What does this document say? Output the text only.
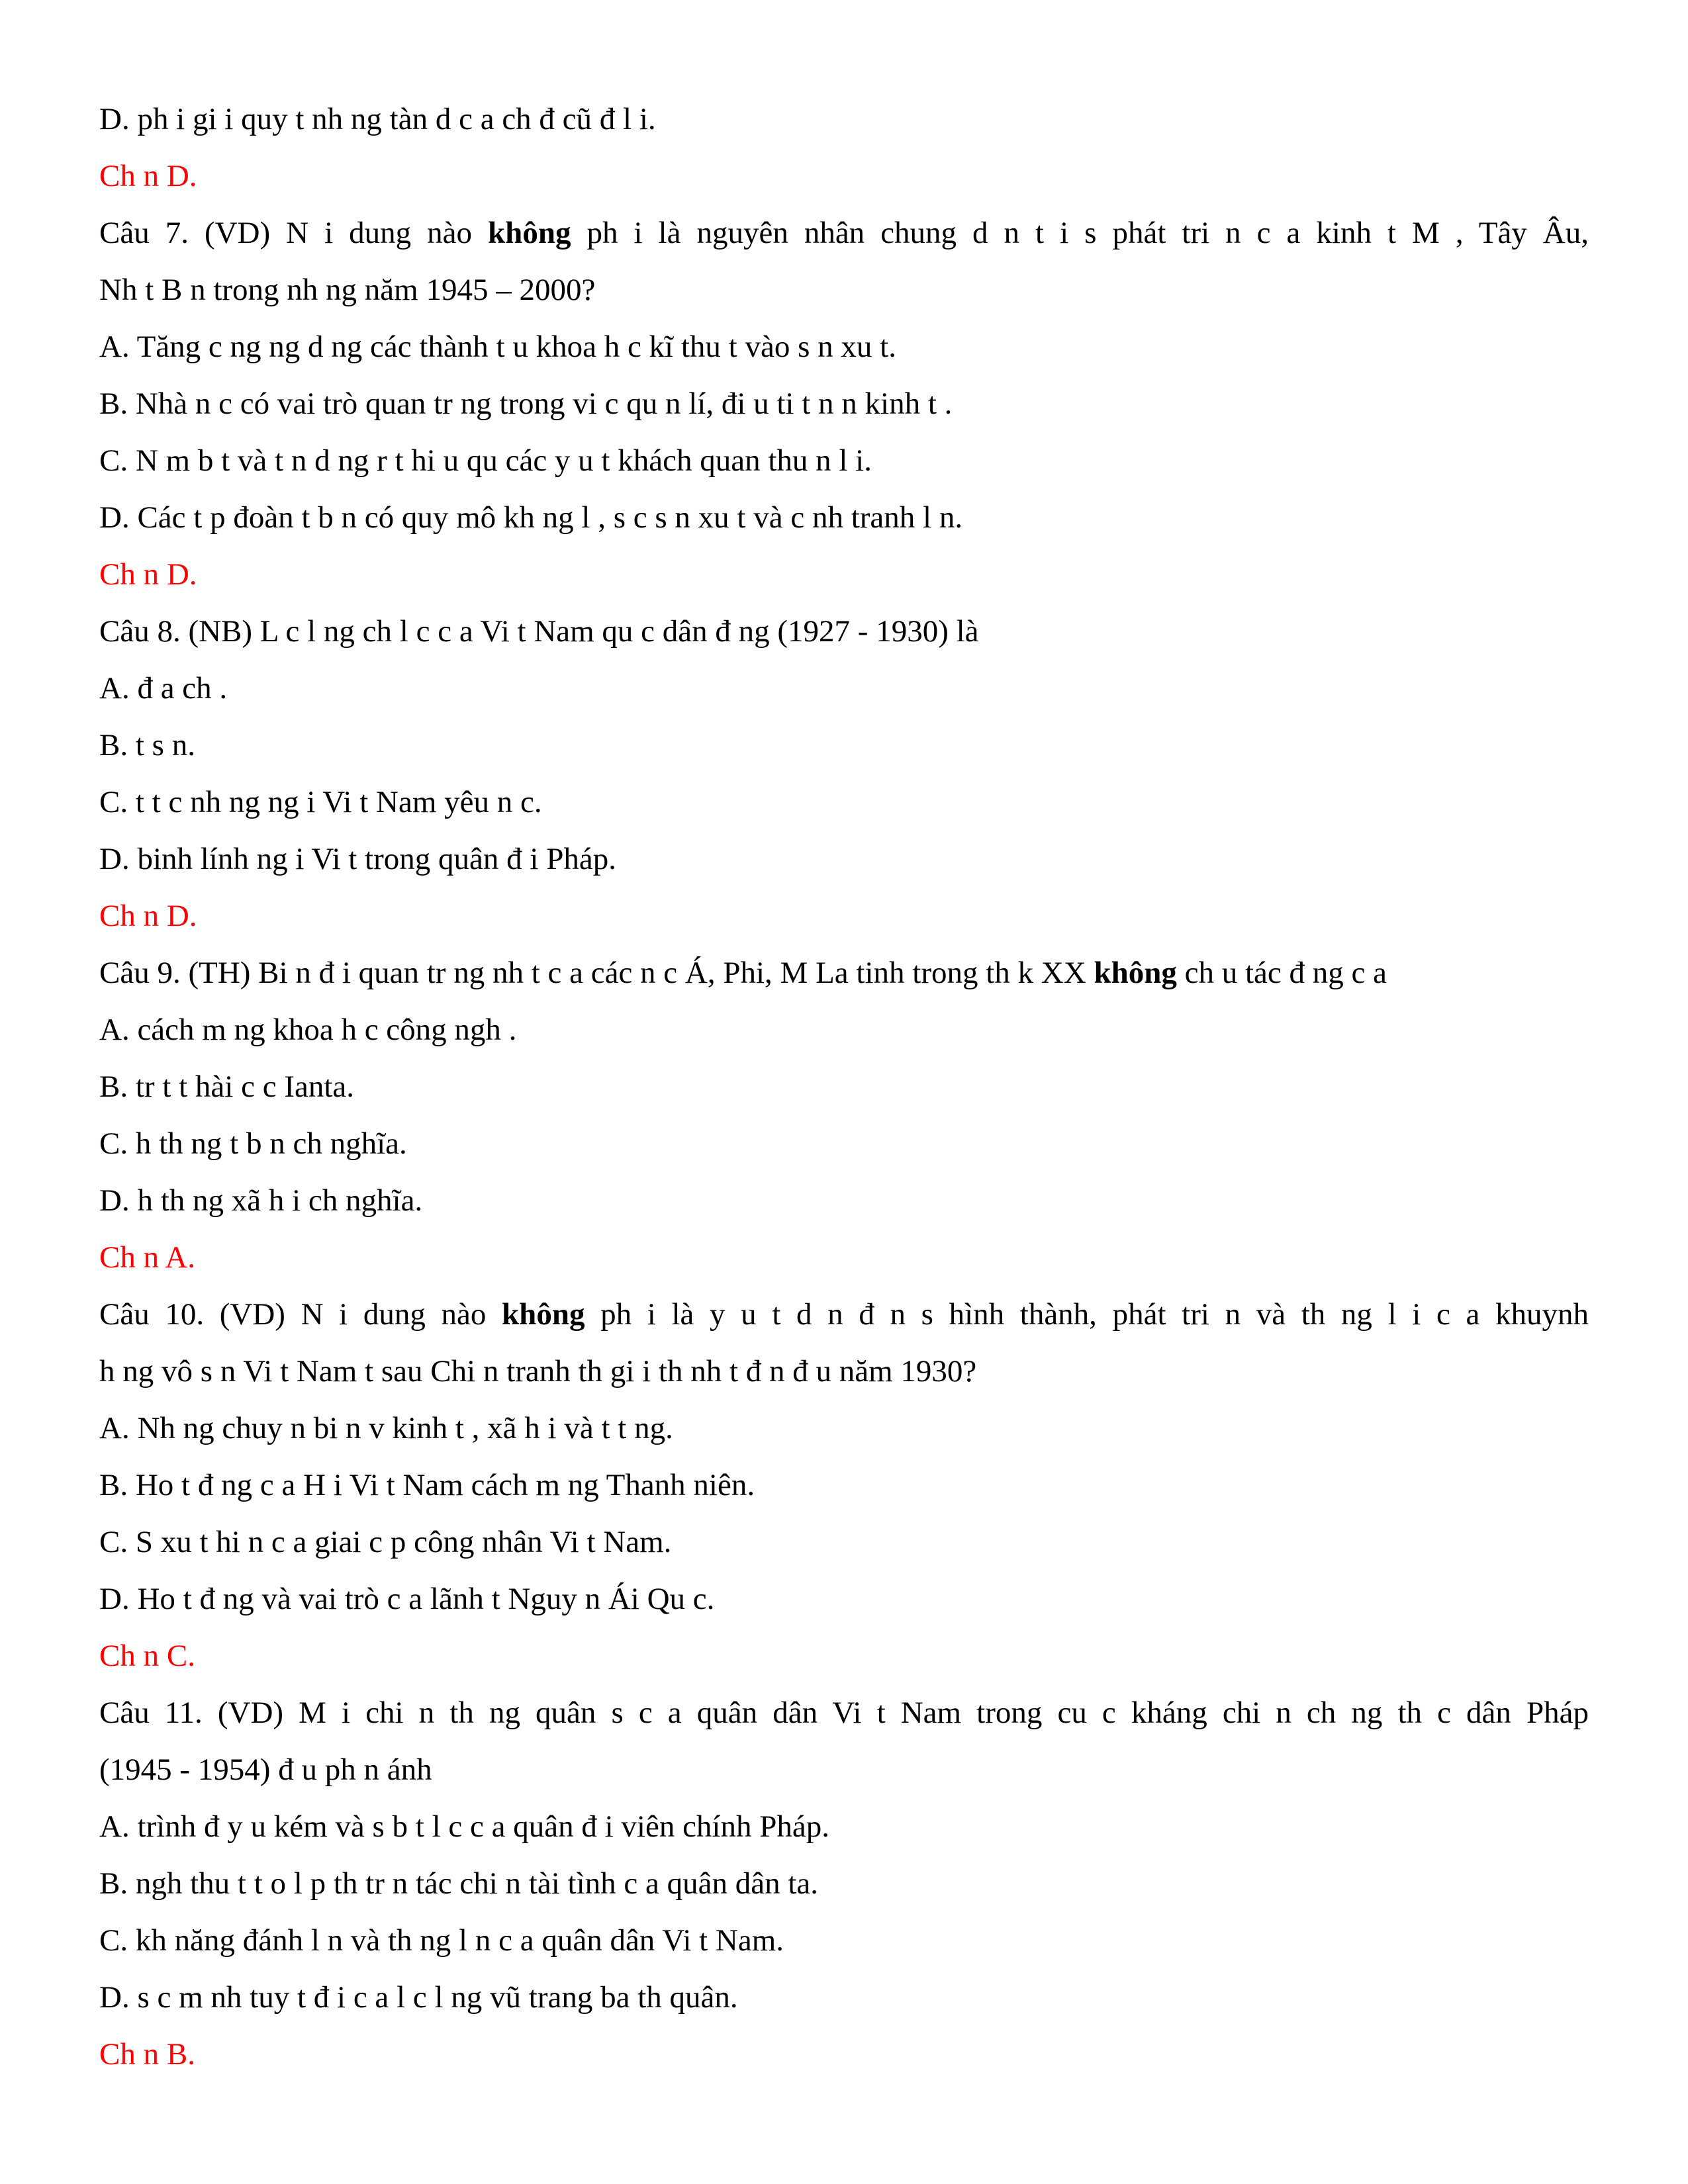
D. ph i gi i quy t nh ng tàn d c a ch đ cũ đ l i.
Ch n D.
Câu 7. (VD) N i dung nào không ph i là nguyên nhân chung d n t i s phát tri n c a kinh t M , Tây Âu,
Nh t B n trong nh ng năm 1945 – 2000?
A. Tăng c ng ng d ng các thành t u khoa h c kĩ thu t vào s n xu t.
B. Nhà n c có vai trò quan tr ng trong vi c qu n lí, đi u ti t n n kinh t .
C. N m b t và t n d ng r t hi u qu các y u t khách quan thu n l i.
D. Các t p đoàn t b n có quy mô kh ng l , s c s n xu t và c nh tranh l n.
Ch n D.
Câu 8. (NB) L c l ng ch l c c a Vi t Nam qu c dân đ ng (1927 - 1930) là
A. đ a ch .
B. t s n.
C. t t c nh ng ng i Vi t Nam yêu n c.
D. binh lính ng i Vi t trong quân đ i Pháp.
Ch n D.
Câu 9. (TH) Bi n đ i quan tr ng nh t c a các n c Á, Phi, M La tinh trong th k XX không ch u tác đ ng c a
A. cách m ng khoa h c công ngh .
B. tr t t hài c c Ianta.
C. h th ng t b n ch nghĩa.
D. h th ng xã h i ch nghĩa.
Ch n A.
Câu 10. (VD) N i dung nào không ph i là y u t d n đ n s hình thành, phát tri n và th ng l i c a khuynh
h ng vô s n Vi t Nam t sau Chi n tranh th gi i th nh t đ n đ u năm 1930?
A. Nh ng chuy n bi n v kinh t , xã h i và t t ng.
B. Ho t đ ng c a H i Vi t Nam cách m ng Thanh niên.
C. S xu t hi n c a giai c p công nhân Vi t Nam.
D. Ho t đ ng và vai trò c a lãnh t Nguy n Ái Qu c.
Ch n C.
Câu 11. (VD) M i chi n th ng quân s c a quân dân Vi t Nam trong cu c kháng chi n ch ng th c dân Pháp
(1945 - 1954) đ u ph n ánh
A. trình đ y u kém và s b t l c c a quân đ i viên chính Pháp.
B. ngh thu t t o l p th tr n tác chi n tài tình c a quân dân ta.
C. kh năng đánh l n và th ng l n c a quân dân Vi t Nam.
D. s c m nh tuy t đ i c a l c l ng vũ trang ba th quân.
Ch n B.
